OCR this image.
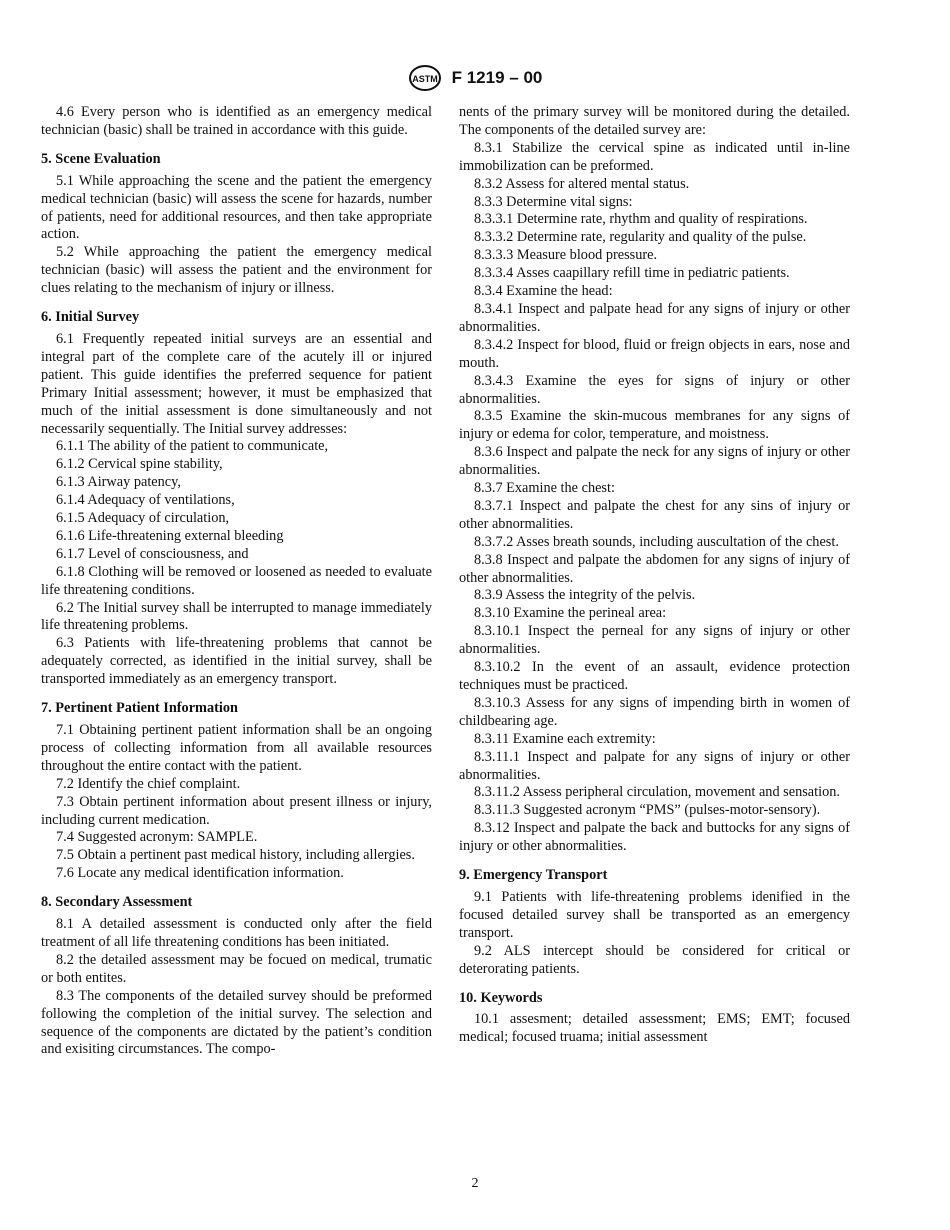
ASTM F 1219 – 00

4.6 Every person who is identified as an emergency medical technician (basic) shall be trained in accordance with this guide.

5. Scene Evaluation

5.1 While approaching the scene and the patient the emergency medical technician (basic) will assess the scene for hazards, number of patients, need for additional resources, and then take appropriate action.

5.2 While approaching the patient the emergency medical technician (basic) will assess the patient and the environment for clues relating to the mechanism of injury or illness.

6. Initial Survey

6.1 Frequently repeated initial surveys are an essential and integral part of the complete care of the acutely ill or injured patient. This guide identifies the preferred sequence for patient Primary Initial assessment; however, it must be emphasized that much of the initial assessment is done simultaneously and not necessarily sequentially. The Initial survey addresses:

6.1.1 The ability of the patient to communicate,

6.1.2 Cervical spine stability,

6.1.3 Airway patency,

6.1.4 Adequacy of ventilations,

6.1.5 Adequacy of circulation,

6.1.6 Life-threatening external bleeding

6.1.7 Level of consciousness, and

6.1.8 Clothing will be removed or loosened as needed to evaluate life threatening conditions.

6.2 The Initial survey shall be interrupted to manage immediately life threatening problems.

6.3 Patients with life-threatening problems that cannot be adequately corrected, as identified in the initial survey, shall be transported immediately as an emergency transport.

7. Pertinent Patient Information

7.1 Obtaining pertinent patient information shall be an ongoing process of collecting information from all available resources throughout the entire contact with the patient.

7.2 Identify the chief complaint.

7.3 Obtain pertinent information about present illness or injury, including current medication.

7.4 Suggested acronym: SAMPLE.

7.5 Obtain a pertinent past medical history, including allergies.

7.6 Locate any medical identification information.

8. Secondary Assessment

8.1 A detailed assessment is conducted only after the field treatment of all life threatening conditions has been initiated.

8.2 the detailed assessment may be focued on medical, trumatic or both entites.

8.3 The components of the detailed survey should be preformed following the completion of the initial survey. The selection and sequence of the components are dictated by the patient’s condition and exisiting circumstances. The compo-

nents of the primary survey will be monitored during the detailed. The components of the detailed survey are:

8.3.1 Stabilize the cervical spine as indicated until in-line immobilization can be preformed.

8.3.2 Assess for altered mental status.

8.3.3 Determine vital signs:

8.3.3.1 Determine rate, rhythm and quality of respirations.

8.3.3.2 Determine rate, regularity and quality of the pulse.

8.3.3.3 Measure blood pressure.

8.3.3.4 Asses caapillary refill time in pediatric patients.

8.3.4 Examine the head:

8.3.4.1 Inspect and palpate head for any signs of injury or other abnormalities.

8.3.4.2 Inspect for blood, fluid or freign objects in ears, nose and mouth.

8.3.4.3 Examine the eyes for signs of injury or other abnormalities.

8.3.5 Examine the skin-mucous membranes for any signs of injury or edema for color, temperature, and moistness.

8.3.6 Inspect and palpate the neck for any signs of injury or other abnormalities.

8.3.7 Examine the chest:

8.3.7.1 Inspect and palpate the chest for any sins of injury or other abnormalities.

8.3.7.2 Asses breath sounds, including auscultation of the chest.

8.3.8 Inspect and palpate the abdomen for any signs of injury of other abnormalities.

8.3.9 Assess the integrity of the pelvis.

8.3.10 Examine the perineal area:

8.3.10.1 Inspect the perneal for any signs of injury or other abnormalities.

8.3.10.2 In the event of an assault, evidence protection techniques must be practiced.

8.3.10.3 Assess for any signs of impending birth in women of childbearing age.

8.3.11 Examine each extremity:

8.3.11.1 Inspect and palpate for any signs of injury or other abnormalities.

8.3.11.2 Assess peripheral circulation, movement and sensation.

8.3.11.3 Suggested acronym “PMS” (pulses-motor-sensory).

8.3.12 Inspect and palpate the back and buttocks for any signs of injury or other abnormalities.

9. Emergency Transport

9.1 Patients with life-threatening problems idenified in the focused detailed survey shall be transported as an emergency transport.

9.2 ALS intercept should be considered for critical or deterorating patients.

10. Keywords

10.1 assesment; detailed assessment; EMS; EMT; focused medical; focused truama; initial assessment

2
